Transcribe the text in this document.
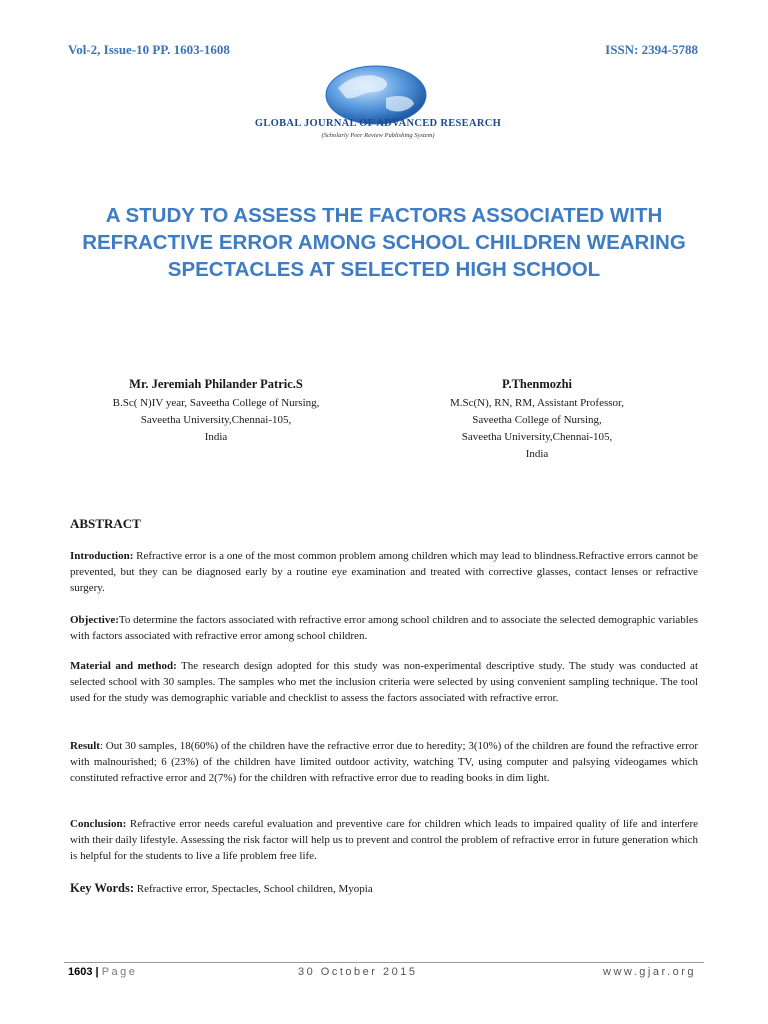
Vol-2, Issue-10 PP. 1603-1608	ISSN: 2394-5788
GLOBAL JOURNAL OF ADVANCED RESEARCH
(Scholarly Peer Review Publishing System)
A STUDY TO ASSESS THE FACTORS ASSOCIATED WITH REFRACTIVE ERROR AMONG SCHOOL CHILDREN WEARING SPECTACLES AT SELECTED HIGH SCHOOL
Mr. Jeremiah Philander Patric.S
B.Sc( N)IV year, Saveetha College of Nursing,
Saveetha University,Chennai-105,
India
P.Thenmozhi
M.Sc(N), RN, RM, Assistant Professor,
Saveetha College of Nursing,
Saveetha University,Chennai-105,
India
ABSTRACT

Introduction: Refractive error is a one of the most common problem among children which may lead to blindness.Refractive errors cannot be prevented, but they can be diagnosed early by a routine eye examination and treated with corrective glasses, contact lenses or refractive surgery.

Objective:To determine the factors associated with refractive error among school children and to associate the selected demographic variables with factors associated with refractive error among school children.

Material and method: The research design adopted for this study was non-experimental descriptive study. The study was conducted at selected school with 30 samples. The samples who met the inclusion criteria were selected by using convenient sampling technique. The tool used for the study was demographic variable and checklist to assess the factors associated with refractive error.

Result: Out 30 samples, 18(60%) of the children have the refractive error due to heredity; 3(10%) of the children are found the refractive error with malnourished; 6 (23%) of the children have limited outdoor activity, watching TV, using computer and palsying videogames which constituted refractive error and 2(7%) for the children with refractive error due to reading books in dim light.

Conclusion: Refractive error needs careful evaluation and preventive care for children which leads to impaired quality of life and interfere with their daily lifestyle. Assessing the risk factor will help us to prevent and control the problem of refractive error in future generation which is helpful for the students to live a life problem free life.

Key Words: Refractive error, Spectacles, School children, Myopia

1603 | Page	30 October 2015	www.gjar.org
